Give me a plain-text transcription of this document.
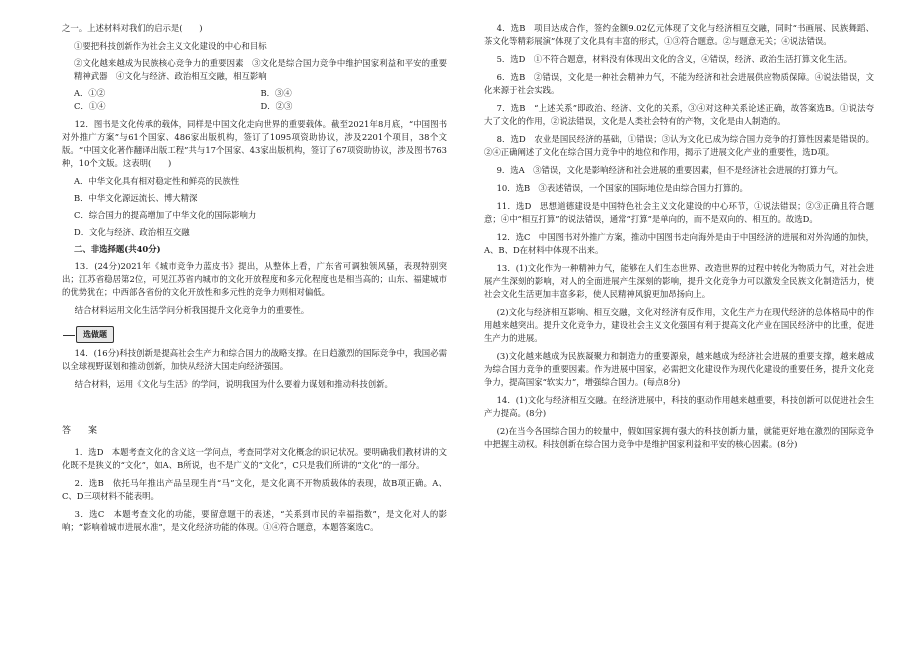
之一。上述材料对我们的启示是(　　)

①要把科技创新作为社会主义文化建设的中心和目标

②文化越来越成为民族核心竞争力的重要因素　③文化是综合国力竞争中维护国家利益和平安的重要精神武器　④文化与经济、政治相互交融，相互影响

A．①②	B．③④
C．①④	D．②③

12．图书是文化传承的载体，同样是中国文化走向世界的重要载体。截至2021年8月底，“中国图书对外推广方案”与61个国家、486家出版机构，签订了1095项资助协议，涉及2201个项目，38个文版。“中国文化著作翻译出版工程”共与17个国家、43家出版机构，签订了67项资助协议，涉及图书763种，10个文版。这表明(　　)

A．中华文化具有相对稳定性和鲜亮的民族性

B．中华文化源远流长、博大精深

C．综合国力的提高增加了中华文化的国际影响力

D．文化与经济、政治相互交融

二、非选择题(共40分)

13．(24分)2021年《城市竞争力蓝皮书》提出，从整体上看，广东省可调独领风骚，表现特别突出；江苏省稳居第2位，可见江苏省内城市的文化开放程度和多元化程度也是相当高的；山东、福建城市的优势犹在；中西部各省份的文化开放性和多元性的竞争力则相对偏低。

结合材料运用文化生活学问分析我国提升文化竞争力的重要性。

选做题

14．(16分)科技创新是提高社会生产力和综合国力的战略支撑。在日趋激烈的国际竞争中，我国必需以全球视野谋划和推动创新，加快从经济大国走向经济强国。

结合材料，运用《文化与生活》的学问，说明我国为什么要着力谋划和推动科技创新。

答　案

1．选D　本题考查文化的含义这一学问点，考查同学对文化概念的识记状况。要明确我们教材讲的文化既不是狭义的“文化”，如A、B所说，也不是广义的“文化”，C只是我们所讲的“文化”的一部分。

2．选B　依托马年推出产品呈现生肖“马”文化，是文化离不开物质载体的表现，故B项正确。A、C、D三项材料不能表明。

3．选C　本题考查文化的功能，要留意题干的表述，“关系到市民的幸福指数”，是文化对人的影响；“影响着城市进展水准”，是文化经济功能的体现。①④符合题意，本题答案选C。

4．选B　项目达成合作，签约金额9.02亿元体现了文化与经济相互交融，同时“书画展、民族舞蹈、茶文化等精彩展演”体现了文化具有丰富的形式，①③符合题意。②与题意无关；④说法错误。

5．选D　①不符合题意，材料没有体现出文化的含义，④错误，经济、政治生活打算文化生活。

6．选B　②错误，文化是一种社会精神力气，不能为经济和社会进展供应物质保障。④说法错误，文化来源于社会实践。

7．选B　“上述关系”即政治、经济、文化的关系，③④对这种关系论述正确，故答案选B。①说法夸大了文化的作用，②说法错误，文化是人类社会特有的产物，文化是由人制造的。

8．选D　农业是国民经济的基础，①错误；③认为文化已成为综合国力竞争的打算性因素是错误的。②④正确阐述了文化在综合国力竞争中的地位和作用，揭示了进展文化产业的重要性，选D项。

9．选A　③错误，文化是影响经济和社会进展的重要因素，但不是经济社会进展的打算力气。

10．选B　③表述错误，一个国家的国际地位是由综合国力打算的。

11．选D　思想道德建设是中国特色社会主义文化建设的中心环节，①说法错误；②③正确且符合题意；④中“相互打算”的说法错误，通常“打算”是单向的，而不是双向的、相互的。故选D。

12．选C　中国图书对外推广方案，推动中国图书走向海外是由于中国经济的进展和对外沟通的加快，A、B、D在材料中体现不出来。

13．(1)文化作为一种精神力气，能够在人们生态世界、改造世界的过程中转化为物质力气，对社会进展产生深刻的影响，对人的全面进展产生深刻的影响，提升文化竞争力可以激发全民族文化制造活力，使社会文化生活更加丰富多彩，使人民精神风貌更加昂扬向上。

(2)文化与经济相互影响、相互交融，文化对经济有反作用，文化生产力在现代经济的总体格局中的作用越来越突出。提升文化竞争力，建设社会主义文化强国有利于提高文化产业在国民经济中的比重，促进生产力的进展。

(3)文化越来越成为民族凝聚力和制造力的重要源泉，越来越成为经济社会进展的重要支撑，越来越成为综合国力竞争的重要因素。作为进展中国家，必需把文化建设作为现代化建设的重要任务，提升文化竞争力，提高国家“软实力”，增强综合国力。(每点8分)

14．(1)文化与经济相互交融。在经济进展中，科技的驱动作用越来越重要，科技创新可以促进社会生产力提高。(8分)

(2)在当今各国综合国力的较量中，假如国家拥有强大的科技创新力量，就能更好地在激烈的国际竞争中把握主动权。科技创新在综合国力竞争中是维护国家利益和平安的核心因素。(8分)
